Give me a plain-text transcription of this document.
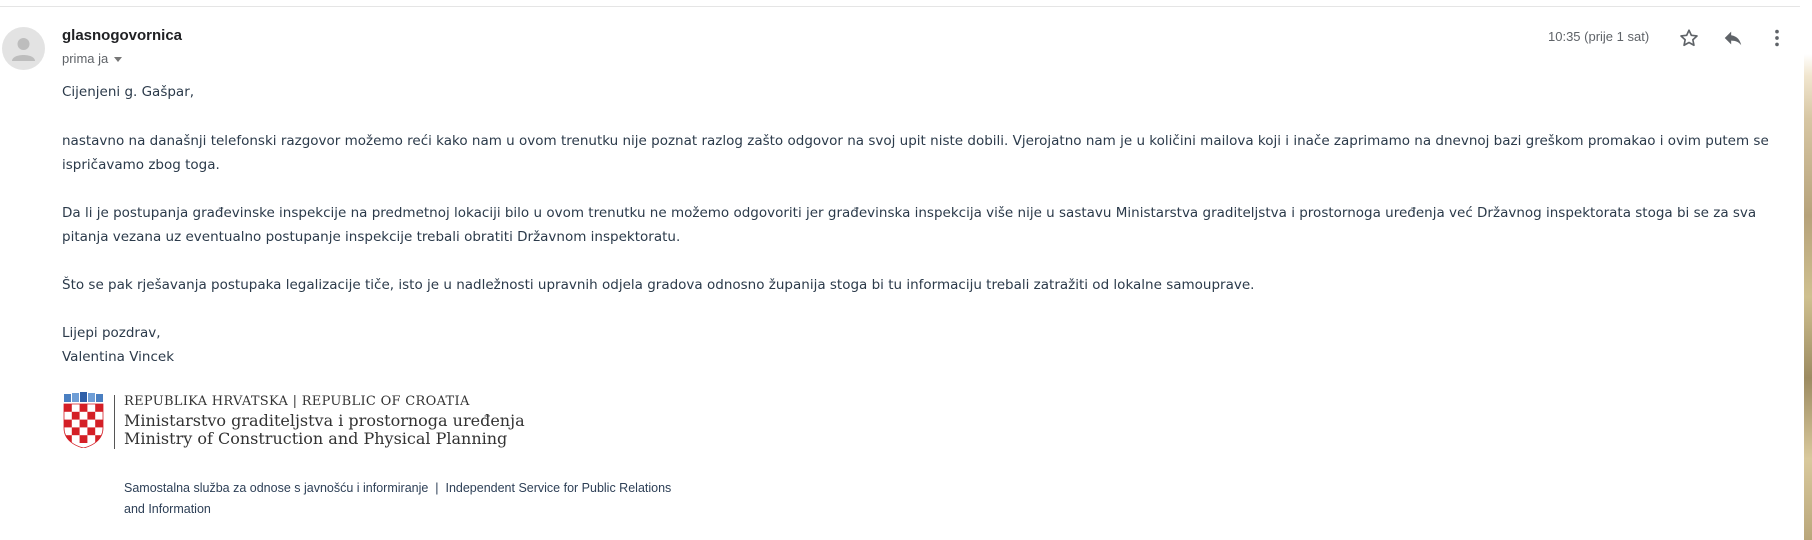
glasnogovornica
prima ja
10:35 (prije 1 sat)

Cijenjeni g. Gašpar,

nastavno na današnji telefonski razgovor možemo reći kako nam u ovom trenutku nije poznat razlog zašto odgovor na svoj upit niste dobili. Vjerojatno nam je u količini mailova koji i inače zaprimamo na dnevnoj bazi greškom promakao i ovim putem se ispričavamo zbog toga.

Da li je postupanja građevinske inspekcije na predmetnoj lokaciji bilo u ovom trenutku ne možemo odgovoriti jer građevinska inspekcija više nije u sastavu Ministarstva graditeljstva i prostornoga uređenja već Državnog inspektorata stoga bi se za sva pitanja vezana uz eventualno postupanje inspekcije trebali obratiti Državnom inspektoratu.

Što se pak rješavanja postupaka legalizacije tiče, isto je u nadležnosti upravnih odjela gradova odnosno županija stoga bi tu informaciju trebali zatražiti od lokalne samouprave.

Lijepi pozdrav,

Valentina Vincek

REPUBLIKA HRVATSKA | REPUBLIC OF CROATIA
Ministarstvo graditeljstva i prostornoga uređenja
Ministry of Construction and Physical Planning
Samostalna služba za odnose s javnošću i informiranje  |  Independent Service for Public Relations
and Information
